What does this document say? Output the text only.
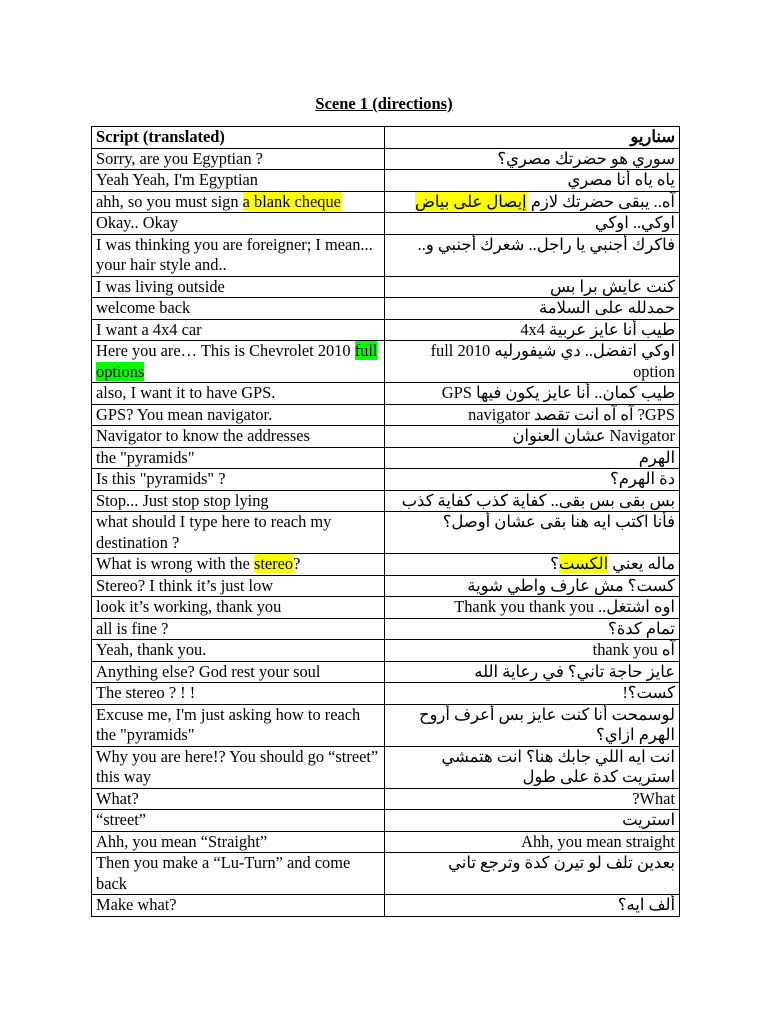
Scene 1 (directions)
Script (translated)	سناريو
Sorry, are you Egyptian ?	سوري هو حضرتك مصري؟
Yeah Yeah, I'm Egyptian	ياه ياه أنا مصري
ahh, so you must sign a blank cheque	آه.. يبقى حضرتك لازم إيصال على بياض
Okay.. Okay	اوكي.. اوكي
I was thinking you are foreigner; I mean... your hair style and..	فاكرك أجنبي يا راجل.. شعرك أجنبي و..
I was living outside	كنت عايش برا بس
welcome back	حمدلله على السلامة
I want a 4x4 car	طيب أنا عايز عربية 4x4
Here you are… This is Chevrolet 2010 full options	اوكي اتفضل.. دي شيفورليه 2010 full option
also, I want it to have GPS.	طيب كمان.. أنا عايز يكون فيها GPS
GPS? You mean navigator.	GPS? آه آه انت تقصد navigator
Navigator to know the addresses	Navigator عشان العنوان
the "pyramids"	الهرم
Is this "pyramids" ?	دة الهرم؟
Stop... Just stop stop lying	بس بقى بس بقى.. كفاية كذب كفاية كذب
what should I type here to reach my destination ?	فأنا اكتب ايه هنا بقى عشان أوصل؟
What is wrong with the stereo?	ماله يعني الكست؟
Stereo? I think it’s just low	كست؟ مش عارف واطي شوية
look it’s working, thank you	اوه اشتغل.. Thank you thank you
all is fine ?	تمام كدة؟
Yeah, thank you.	آه thank you
Anything else? God rest your soul	عايز حاجة تاني؟ في رعاية الله
The stereo ? ! !	كست؟!
Excuse me, I'm just asking how to reach the "pyramids"	لوسمحت أنا كنت عايز بس أعرف أروح الهرم ازاي؟
Why you are here!? You should go “street” this way	انت ايه اللي جابك هنا؟ انت هتمشي استريت كدة على طول
What?	What?
“street”	استريت
Ahh, you mean “Straight”	Ahh, you mean straight
Then you make a “Lu-Turn” and come back	بعدين تلف لو تيرن كدة وترجع تاني
Make what?	ألف ايه؟
